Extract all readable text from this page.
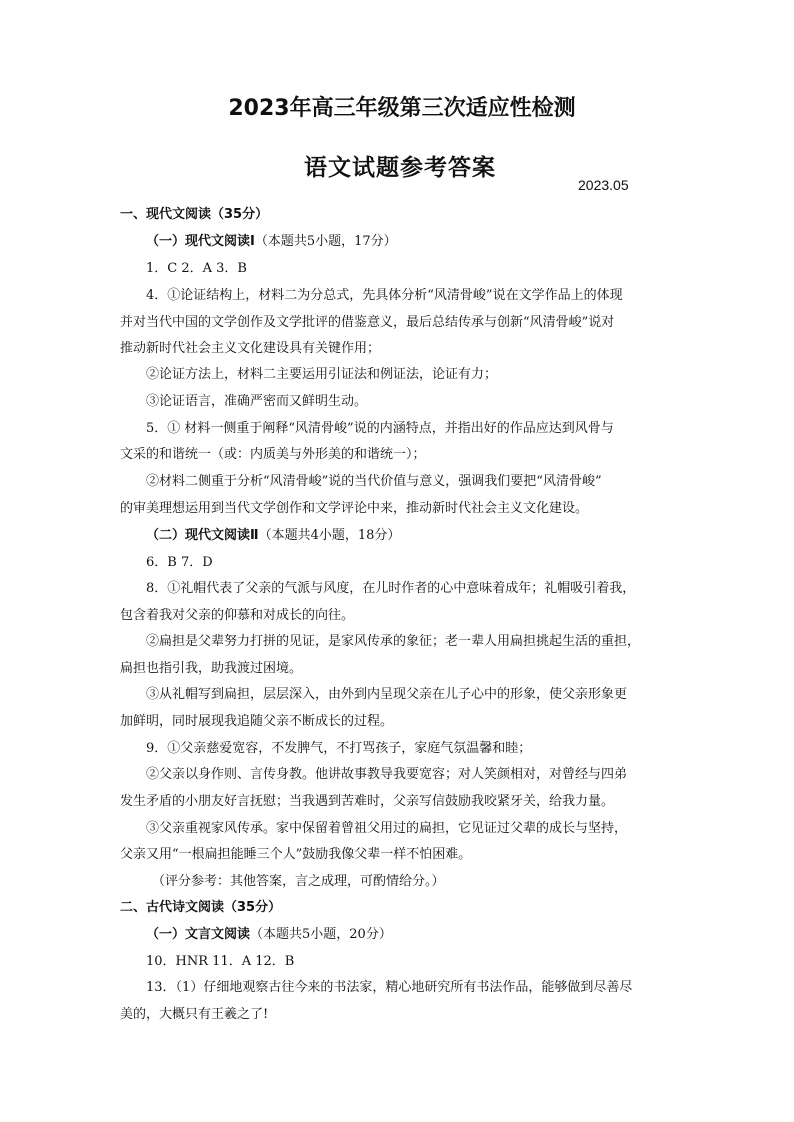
2023年高三年级第三次适应性检测
语文试题参考答案
2023.05
一、现代文阅读（35分）
（一）现代文阅读Ⅰ（本题共5小题，17分）
1．C 2．A 3．B
4．①论证结构上，材料二为分总式，先具体分析“风清骨峻”说在文学作品上的体现
并对当代中国的文学创作及文学批评的借鉴意义，最后总结传承与创新“风清骨峻”说对
推动新时代社会主义文化建设具有关键作用；
②论证方法上，材料二主要运用引证法和例证法，论证有力；
③论证语言，准确严密而又鲜明生动。
5．① 材料一侧重于阐释“风清骨峻”说的内涵特点，并指出好的作品应达到风骨与
文采的和谐统一（或：内质美与外形美的和谐统一）；
②材料二侧重于分析“风清骨峻”说的当代价值与意义，强调我们要把“风清骨峻”
的审美理想运用到当代文学创作和文学评论中来，推动新时代社会主义文化建设。
（二）现代文阅读Ⅱ（本题共4小题，18分）
6．B 7．D
8．①礼帽代表了父亲的气派与风度，在儿时作者的心中意味着成年；礼帽吸引着我，
包含着我对父亲的仰慕和对成长的向往。
②扁担是父辈努力打拼的见证，是家风传承的象征；老一辈人用扁担挑起生活的重担，
扁担也指引我，助我渡过困境。
③从礼帽写到扁担，层层深入，由外到内呈现父亲在儿子心中的形象，使父亲形象更
加鲜明，同时展现我追随父亲不断成长的过程。
9．①父亲慈爱宽容，不发脾气，不打骂孩子，家庭气氛温馨和睦；
②父亲以身作则、言传身教。他讲故事教导我要宽容；对人笑颜相对，对曾经与四弟
发生矛盾的小朋友好言抚慰；当我遇到苦难时，父亲写信鼓励我咬紧牙关，给我力量。
③父亲重视家风传承。家中保留着曾祖父用过的扁担，它见证过父辈的成长与坚持，
父亲又用“一根扁担能睡三个人”鼓励我像父辈一样不怕困难。
（评分参考：其他答案，言之成理，可酌情给分。）
二、古代诗文阅读（35分）
（一）文言文阅读（本题共5小题，20分）
10．HNR 11．A 12．B
13．（1）仔细地观察古往今来的书法家，精心地研究所有书法作品，能够做到尽善尽
美的，大概只有王羲之了!
